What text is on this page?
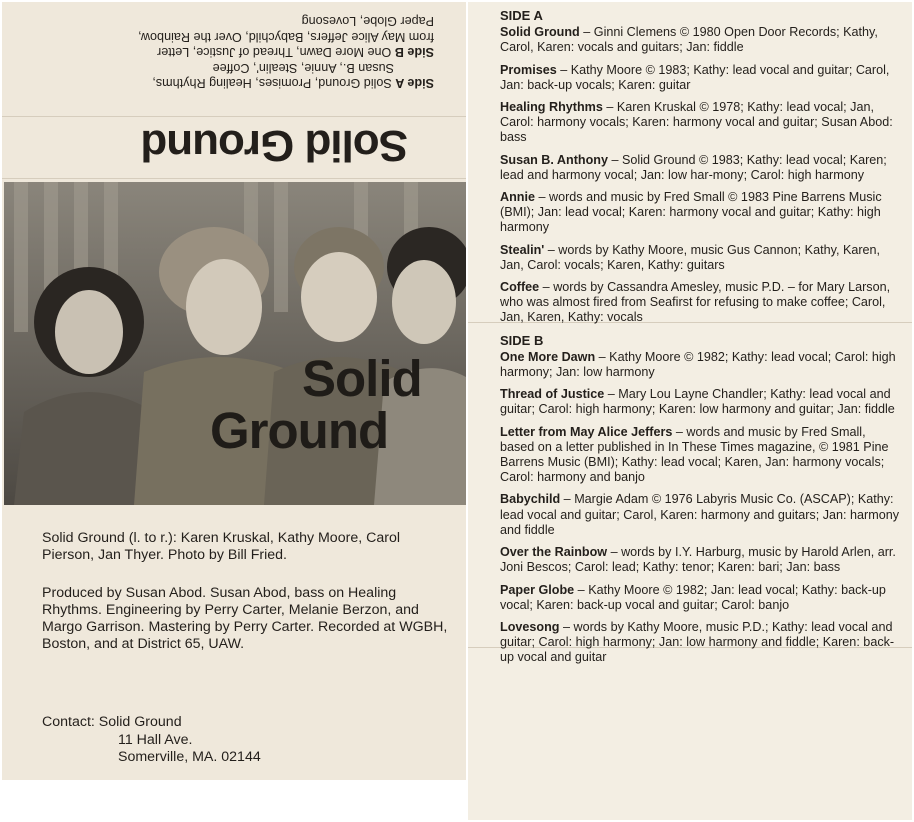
Solid Ground
Side A Solid Ground, Promises, Healing Rhythms,
Susan B., Annie, Stealin', Coffee
Side B One More Dawn, Thread of Justice, Letter
from May Alice Jeffers, Babychild, Over the Rainbow,
Paper Globe, Lovesong
Solid
Ground

Solid Ground (l. to r.): Karen Kruskal, Kathy Moore, Carol Pierson, Jan Thyer. Photo by Bill Fried.

Produced by Susan Abod. Susan Abod, bass on Healing Rhythms. Engineering by Perry Carter, Melanie Berzon, and Margo Garrison. Mastering by Perry Carter. Recorded at WGBH, Boston, and at District 65, UAW.

Contact: Solid Ground
11 Hall Ave.
Somerville, MA. 02144
SIDE A
Solid Ground – Ginni Clemens © 1980 Open Door Records; Kathy, Carol, Karen: vocals and guitars; Jan: fiddle
Promises – Kathy Moore © 1983; Kathy: lead vocal and guitar; Carol, Jan: back-up vocals; Karen: guitar
Healing Rhythms – Karen Kruskal © 1978; Kathy: lead vocal; Jan, Carol: harmony vocals; Karen: harmony vocal and guitar; Susan Abod: bass
Susan B. Anthony – Solid Ground © 1983; Kathy: lead vocal; Karen; lead and harmony vocal; Jan: low har-mony; Carol: high harmony
Annie – words and music by Fred Small © 1983 Pine Barrens Music (BMI); Jan: lead vocal; Karen: harmony vocal and guitar; Kathy: high harmony
Stealin' – words by Kathy Moore, music Gus Cannon; Kathy, Karen, Jan, Carol: vocals; Karen, Kathy: guitars
Coffee – words by Cassandra Amesley, music P.D. – for Mary Larson, who was almost fired from Seafirst for refusing to make coffee; Carol, Jan, Karen, Kathy: vocals
SIDE B
One More Dawn – Kathy Moore © 1982; Kathy: lead vocal; Carol: high harmony; Jan: low harmony
Thread of Justice – Mary Lou Layne Chandler; Kathy: lead vocal and guitar; Carol: high harmony; Karen: low harmony and guitar; Jan: fiddle
Letter from May Alice Jeffers – words and music by Fred Small, based on a letter published in In These Times magazine, © 1981 Pine Barrens Music (BMI); Kathy: lead vocal; Karen, Jan: harmony vocals; Carol: harmony and banjo
Babychild – Margie Adam © 1976 Labyris Music Co. (ASCAP); Kathy: lead vocal and guitar; Carol, Karen: harmony and guitars; Jan: harmony and fiddle
Over the Rainbow – words by I.Y. Harburg, music by Harold Arlen, arr. Joni Bescos; Carol: lead; Kathy: tenor; Karen: bari; Jan: bass
Paper Globe – Kathy Moore © 1982; Jan: lead vocal; Kathy: back-up vocal; Karen: back-up vocal and guitar; Carol: banjo
Lovesong – words by Kathy Moore, music P.D.; Kathy: lead vocal and guitar; Carol: high harmony; Jan: low harmony and fiddle; Karen: back-up vocal and guitar
